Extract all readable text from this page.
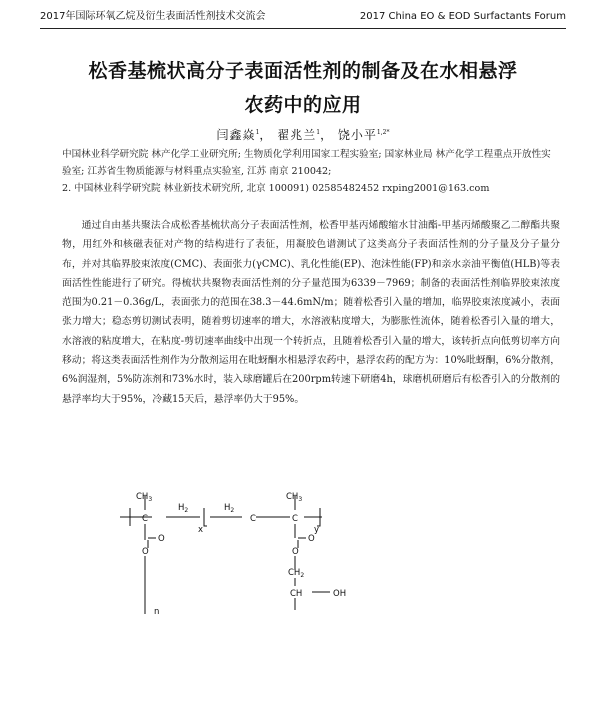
2017年国际环氧乙烷及衍生表面活性剂技术交流会	2017 China EO & EOD Surfactants Forum
松香基梳状高分子表面活性剂的制备及在水相悬浮
农药中的应用
闫鑫焱$^1$， 翟兆兰$^1$， 饶小平$^{1,2*}$
中国林业科学研究院 林产化学工业研究所; 生物质化学利用国家工程实验室; 国家林业局 林产化学工程重点开放性实验室; 江苏省生物质能源与材料重点实验室, 江苏 南京 210042;
2. 中国林业科学研究院 林业新技术研究所, 北京 100091) 02585482452 rxping2001@163.com

通过自由基共聚法合成松香基梳状高分子表面活性剂，松香甲基丙烯酸缩水甘油酯-甲基丙烯酸聚乙二醇酯共聚物，用红外和核磁表征对产物的结构进行了表征，用凝胶色谱测试了这类高分子表面活性剂的分子量及分子量分布，并对其临界胶束浓度(CMC)、表面张力(γCMC)、乳化性能(EP)、泡沫性能(FP)和亲水亲油平衡值(HLB)等表面活性性能进行了研究。得梳状共聚物表面活性剂的分子量范围为6339－7969；制备的表面活性剂临界胶束浓度范围为0.21－0.36g/L，表面张力的范围在38.3－44.6mN/m；随着松香引入量的增加，临界胶束浓度减小，表面张力增大；稳态剪切测试表明，随着剪切速率的增大，水溶液粘度增大，为膨胀性流体，随着松香引入量的增大，水溶液的粘度增大，在粘度-剪切速率曲线中出现一个转折点，且随着松香引入量的增大，该转折点向低剪切率方向移动；将这类表面活性剂作为分散剂运用在吡蚜酮水相悬浮农药中，悬浮农药的配方为：10%吡蚜酮，6%分散剂，6%润湿剂，5%防冻剂和73%水时，装入球磨罐后在200rpm转速下研磨4h，球磨机研磨后有松香引入的分散剂的悬浮率均大于95%，冷藏15天后，悬浮率仍大于95%。

$CH_3$
$H_2$
C
x
$H_2$
C
$CH_3$
C
y
O
O
O
O
$CH_2$
CH	OH
n
